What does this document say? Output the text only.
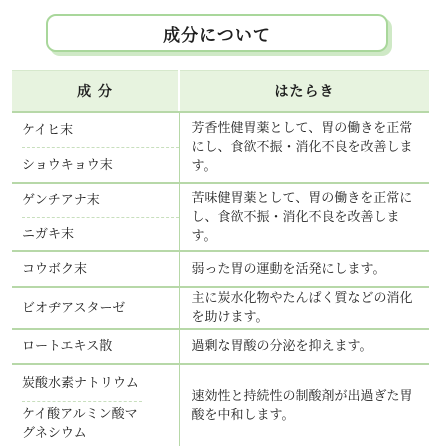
成分について
成 分	はたらき

ケイヒ末
ショウキョウ末	芳香性健胃薬として、胃の働きを正常にし、食欲不振・消化不良を改善します。

ゲンチアナ末
ニガキ末	苦味健胃薬として、胃の働きを正常にし、食欲不振・消化不良を改善します。

コウボク末	弱った胃の運動を活発にします。
ビオヂアスターゼ	主に炭水化物やたんぱく質などの消化を助けます。
ロートエキス散	過剰な胃酸の分泌を抑えます。

炭酸水素ナトリウム
ケイ酸アルミン酸マグネシウム	速効性と持続性の制酸剤が出過ぎた胃酸を中和します。
